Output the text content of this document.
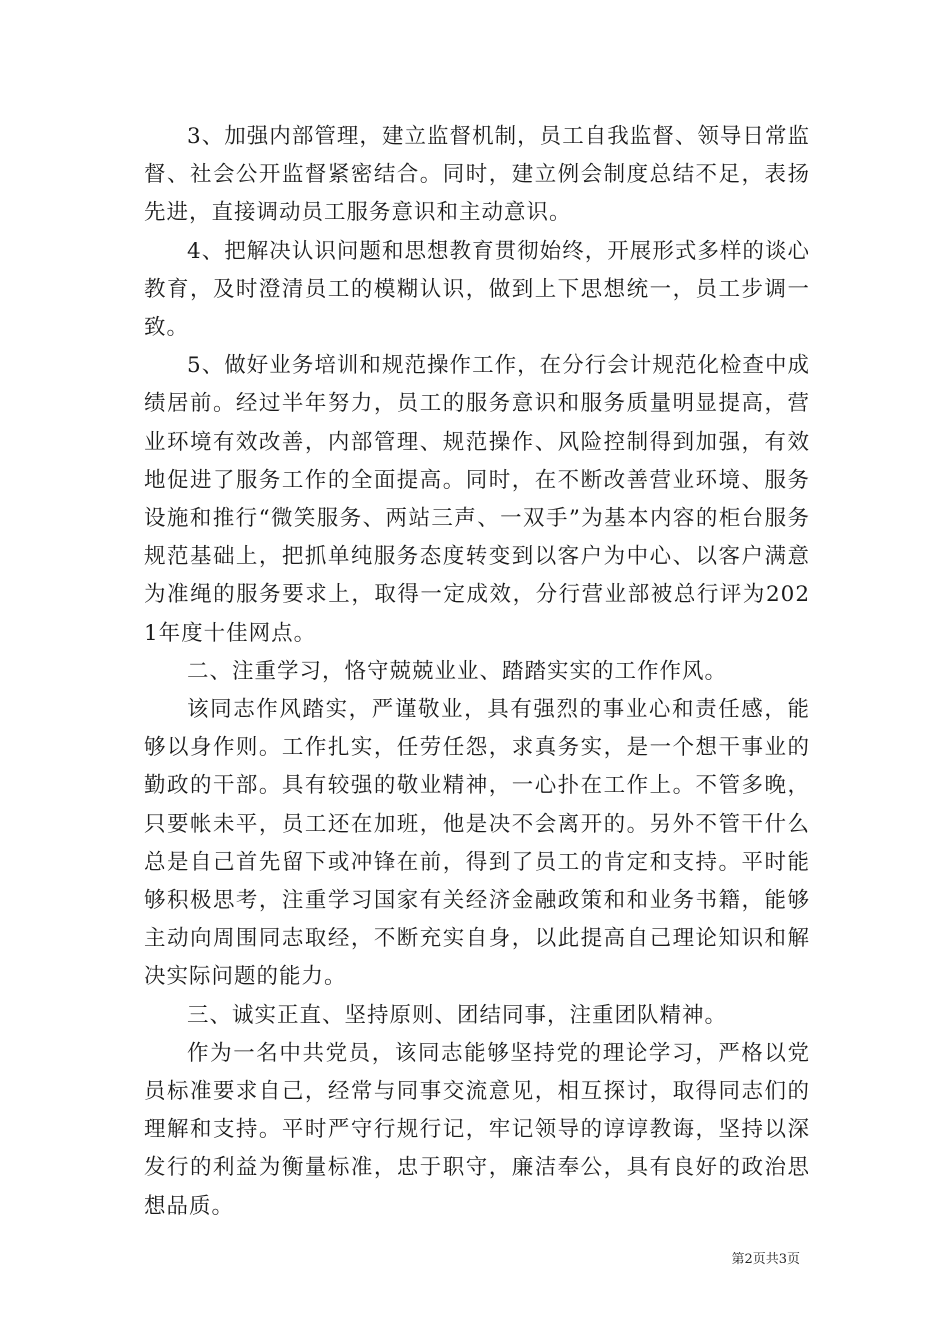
3、加强内部管理，建立监督机制，员工自我监督、领导日常监督、社会公开监督紧密结合。同时，建立例会制度总结不足，表扬先进，直接调动员工服务意识和主动意识。

4、把解决认识问题和思想教育贯彻始终，开展形式多样的谈心教育，及时澄清员工的模糊认识，做到上下思想统一，员工步调一致。

5、做好业务培训和规范操作工作，在分行会计规范化检查中成绩居前。经过半年努力，员工的服务意识和服务质量明显提高，营业环境有效改善，内部管理、规范操作、风险控制得到加强，有效地促进了服务工作的全面提高。同时，在不断改善营业环境、服务设施和推行“微笑服务、两站三声、一双手”为基本内容的柜台服务规范基础上，把抓单纯服务态度转变到以客户为中心、以客户满意为准绳的服务要求上，取得一定成效，分行营业部被总行评为2021年度十佳网点。

二、注重学习，恪守兢兢业业、踏踏实实的工作作风。

该同志作风踏实，严谨敬业，具有强烈的事业心和责任感，能够以身作则。工作扎实，任劳任怨，求真务实，是一个想干事业的勤政的干部。具有较强的敬业精神，一心扑在工作上。不管多晚，只要帐未平，员工还在加班，他是决不会离开的。另外不管干什么总是自己首先留下或冲锋在前，得到了员工的肯定和支持。平时能够积极思考，注重学习国家有关经济金融政策和和业务书籍，能够主动向周围同志取经，不断充实自身，以此提高自己理论知识和解决实际问题的能力。

三、诚实正直、坚持原则、团结同事，注重团队精神。

作为一名中共党员，该同志能够坚持党的理论学习，严格以党员标准要求自己，经常与同事交流意见，相互探讨，取得同志们的理解和支持。平时严守行规行记，牢记领导的谆谆教诲，坚持以深发行的利益为衡量标准，忠于职守，廉洁奉公，具有良好的政治思想品质。

第2页共3页
